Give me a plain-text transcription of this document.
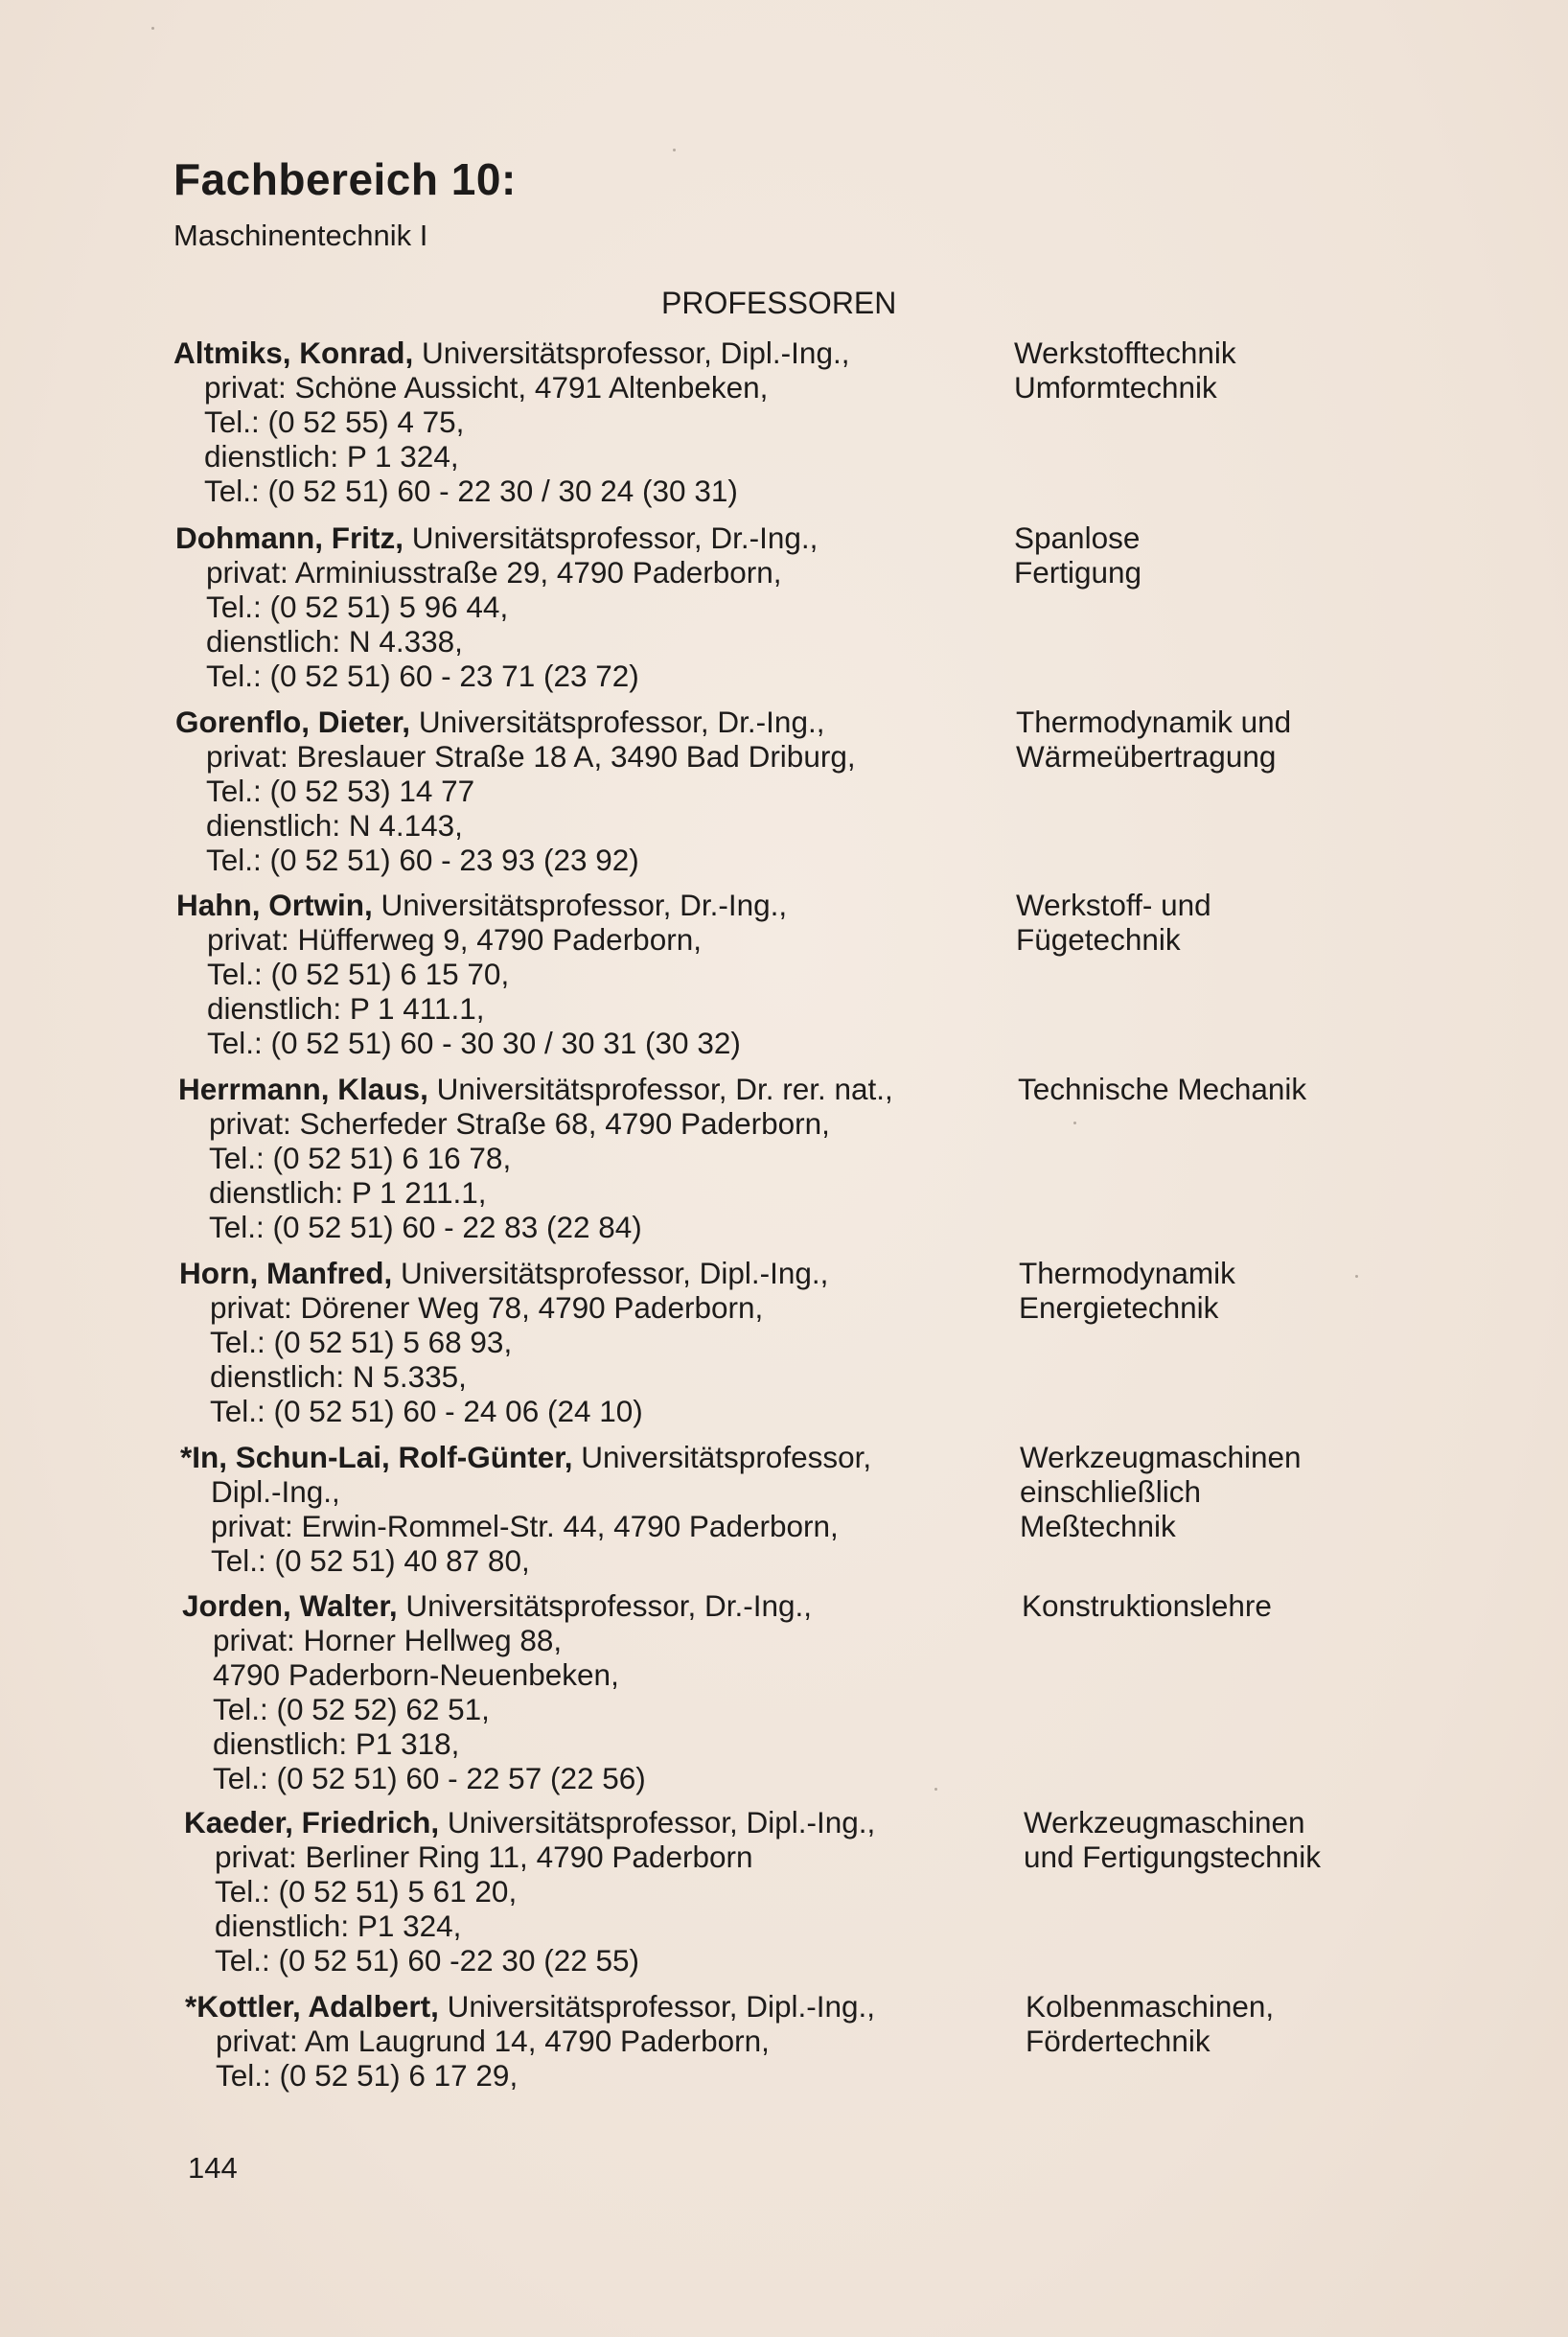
Fachbereich 10:

Maschinentechnik I

PROFESSOREN

Altmiks, Konrad, Universitätsprofessor, Dipl.-Ing.,
privat: Schöne Aussicht, 4791 Altenbeken,
Tel.: (0 52 55) 4 75,
dienstlich: P 1 324,
Tel.: (0 52 51) 60 - 22 30 / 30 24 (30 31)
Werkstofftechnik
Umformtechnik
Dohmann, Fritz, Universitätsprofessor, Dr.-Ing.,
privat: Arminiusstraße 29, 4790 Paderborn,
Tel.: (0 52 51) 5 96 44,
dienstlich: N 4.338,
Tel.: (0 52 51) 60 - 23 71 (23 72)
Spanlose
Fertigung
Gorenflo, Dieter, Universitätsprofessor, Dr.-Ing.,
privat: Breslauer Straße 18 A, 3490 Bad Driburg,
Tel.: (0 52 53) 14 77
dienstlich: N 4.143,
Tel.: (0 52 51) 60 - 23 93 (23 92)
Thermodynamik und
Wärmeübertragung
Hahn, Ortwin, Universitätsprofessor, Dr.-Ing.,
privat: Hüfferweg 9, 4790 Paderborn,
Tel.: (0 52 51) 6 15 70,
dienstlich: P 1 411.1,
Tel.: (0 52 51) 60 - 30 30 / 30 31 (30 32)
Werkstoff- und
Fügetechnik
Herrmann, Klaus, Universitätsprofessor, Dr. rer. nat.,
privat: Scherfeder Straße 68, 4790 Paderborn,
Tel.: (0 52 51) 6 16 78,
dienstlich: P 1 211.1,
Tel.: (0 52 51) 60 - 22 83 (22 84)
Technische Mechanik
Horn, Manfred, Universitätsprofessor, Dipl.-Ing.,
privat: Dörener Weg 78, 4790 Paderborn,
Tel.: (0 52 51) 5 68 93,
dienstlich: N 5.335,
Tel.: (0 52 51) 60 - 24 06 (24 10)
Thermodynamik
Energietechnik
*In, Schun-Lai, Rolf-Günter, Universitätsprofessor,
Dipl.-Ing.,
privat: Erwin-Rommel-Str. 44, 4790 Paderborn,
Tel.: (0 52 51) 40 87 80,
Werkzeugmaschinen
einschließlich
Meßtechnik
Jorden, Walter, Universitätsprofessor, Dr.-Ing.,
privat: Horner Hellweg 88,
4790 Paderborn-Neuenbeken,
Tel.: (0 52 52) 62 51,
dienstlich: P1 318,
Tel.: (0 52 51) 60 - 22 57 (22 56)
Konstruktionslehre
Kaeder, Friedrich, Universitätsprofessor, Dipl.-Ing.,
privat: Berliner Ring 11, 4790 Paderborn
Tel.: (0 52 51) 5 61 20,
dienstlich: P1 324,
Tel.: (0 52 51) 60 -22 30 (22 55)
Werkzeugmaschinen
und Fertigungstechnik
*Kottler, Adalbert, Universitätsprofessor, Dipl.-Ing.,
privat: Am Laugrund 14, 4790 Paderborn,
Tel.: (0 52 51) 6 17 29,
Kolbenmaschinen,
Fördertechnik

144
